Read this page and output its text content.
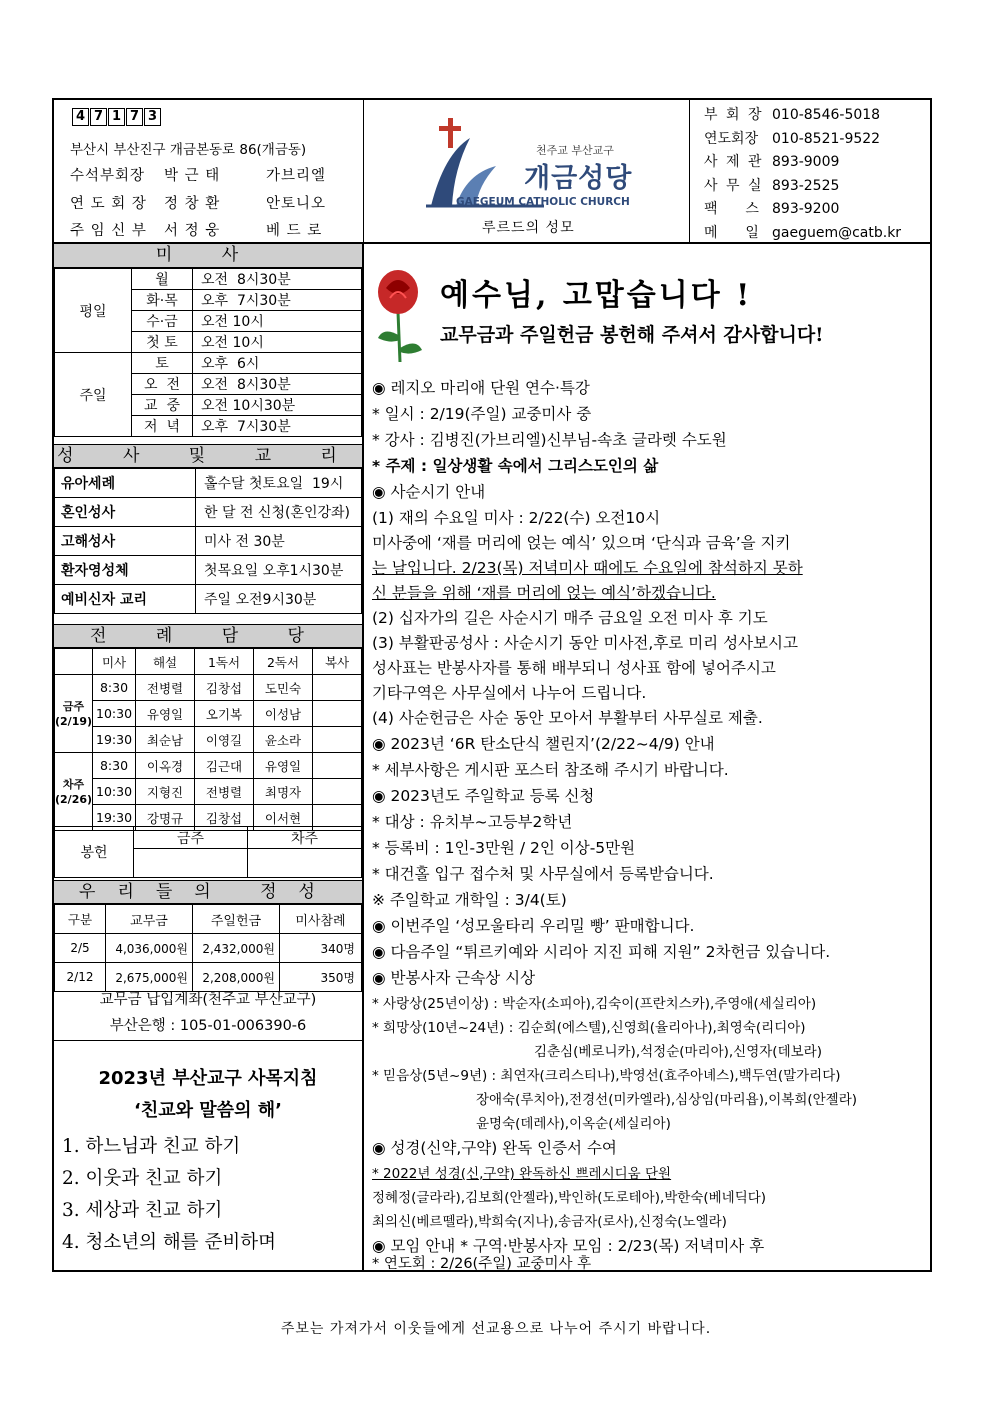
4 7 1 7 3
부산시 부산진구 개금본동로 86(개금동)
수석부회장 박 근 태	가브리엘
연 도 회 장 정 창 환	안토니오
주 임 신 부 서 정 웅	베 드 로
천주교 부산교구
개금성당
GAEGEUM CATHOLIC CHURCH
루르드의 성모
부 회 장 010-8546-5018
연도회장 010-8521-9522
사 제 관 893-9009
사 무 실 893-2525
팩    스 893-9200
메    일 gaeguem@catb.kr
미 사
평일	월	오전  8시30분
	화·목	오후  7시30분
	수·금	오전 10시
	첫 토	오전 10시
주일	토	오후  6시
	오  전	오전  8시30분
	교  중	오전 10시30분
	저  녁	오후  7시30분
성 사 및 교 리
유아세례	홀수달 첫토요일  19시
혼인성사	한 달 전 신청(혼인강좌)
고해성사	미사 전 30분
환자영성체	첫목요일 오후1시30분
예비신자 교리	주일 오전9시30분
전 례 담 당
	미사	해설	1독서	2독서	복사
금주 (2/19)	8:30	전병렬	김창섭	도민숙	
	10:30	유영일	오기복	이성남	
	19:30	최순남	이영길	윤소라	
차주 (2/26)	8:30	이옥경	김근대	유영일	
	10:30	지형진	전병렬	최명자	
	19:30	강명규	김창섭	이서현	
봉헌	금주	차주

우리들의 정성
구분	교무금	주일헌금	미사참례
2/5	4,036,000원	2,432,000원	340명
2/12	2,675,000원	2,208,000원	350명
교무금 납입계좌(천주교 부산교구)
부산은행 : 105-01-006390-6
2023년 부산교구 사목지침
‘친교와 말씀의 해’
1. 하느님과 친교 하기
2. 이웃과 친교 하기
3. 세상과 친교 하기
4. 청소년의 해를 준비하며
예수님, 고맙습니다 !
교무금과 주일헌금 봉헌해 주셔서 감사합니다!
◉ 레지오 마리애 단원 연수·특강
* 일시 : 2/19(주일) 교중미사 중
* 강사 : 김병진(가브리엘)신부님-속초 글라렛 수도원
* 주제 : 일상생활 속에서 그리스도인의 삶
◉ 사순시기 안내
(1) 재의 수요일 미사 : 2/22(수) 오전10시
미사중에 ‘재를 머리에 얹는 예식’ 있으며 ‘단식과 금육’을 지키
는 날입니다. 2/23(목) 저녁미사 때에도 수요일에 참석하지 못하
신 분들을 위해 ‘재를 머리에 얹는 예식’하겠습니다.
(2) 십자가의 길은 사순시기 매주 금요일 오전 미사 후 기도
(3) 부활판공성사 : 사순시기 동안 미사전,후로 미리 성사보시고
성사표는 반봉사자를 통해 배부되니 성사표 함에 넣어주시고
기타구역은 사무실에서 나누어 드립니다.
(4) 사순헌금은 사순 동안 모아서 부활부터 사무실로 제출.
◉ 2023년 ‘6R 탄소단식 챌린지’(2/22~4/9) 안내
* 세부사항은 게시판 포스터 참조해 주시기 바랍니다.
◉ 2023년도 주일학교 등록 신청
* 대상 : 유치부~고등부2학년
* 등록비 : 1인-3만원 / 2인 이상-5만원
* 대건홀 입구 접수처 및 사무실에서 등록받습니다.
※ 주일학교 개학일 : 3/4(토)
◉ 이번주일 ‘성모울타리 우리밀 빵’ 판매합니다.
◉ 다음주일 “튀르키예와 시리아 지진 피해 지원” 2차헌금 있습니다.
◉ 반봉사자 근속상 시상
* 사랑상(25년이상) : 박순자(소피아),김숙이(프란치스카),주영애(세실리아)
* 희망상(10년~24년) : 김순희(에스텔),신영희(율리아나),최영숙(리디아)
김춘심(베로니카),석정순(마리아),신영자(데보라)
* 믿음상(5년~9년) : 최연자(크리스티나),박영선(효주아녜스),백두연(말가리다)
장애숙(루치아),전경선(미카엘라),심상임(마리욥),이복희(안젤라)
윤명숙(데레사),이옥순(세실리아)
◉ 성경(신약,구약) 완독 인증서 수여
* 2022년 성경(신,구약) 완독하신 쁘레시디움 단원
정혜정(글라라),김보희(안젤라),박인하(도로테아),박한숙(베네딕다)
최의신(베르뗄라),박희숙(지나),송금자(로사),신정숙(노엘라)
◉ 모임 안내 * 구역·반봉사자 모임 : 2/23(목) 저녁미사 후
* 연도회 : 2/26(주일) 교중미사 후
주보는 가져가서 이웃들에게 선교용으로 나누어 주시기 바랍니다.
